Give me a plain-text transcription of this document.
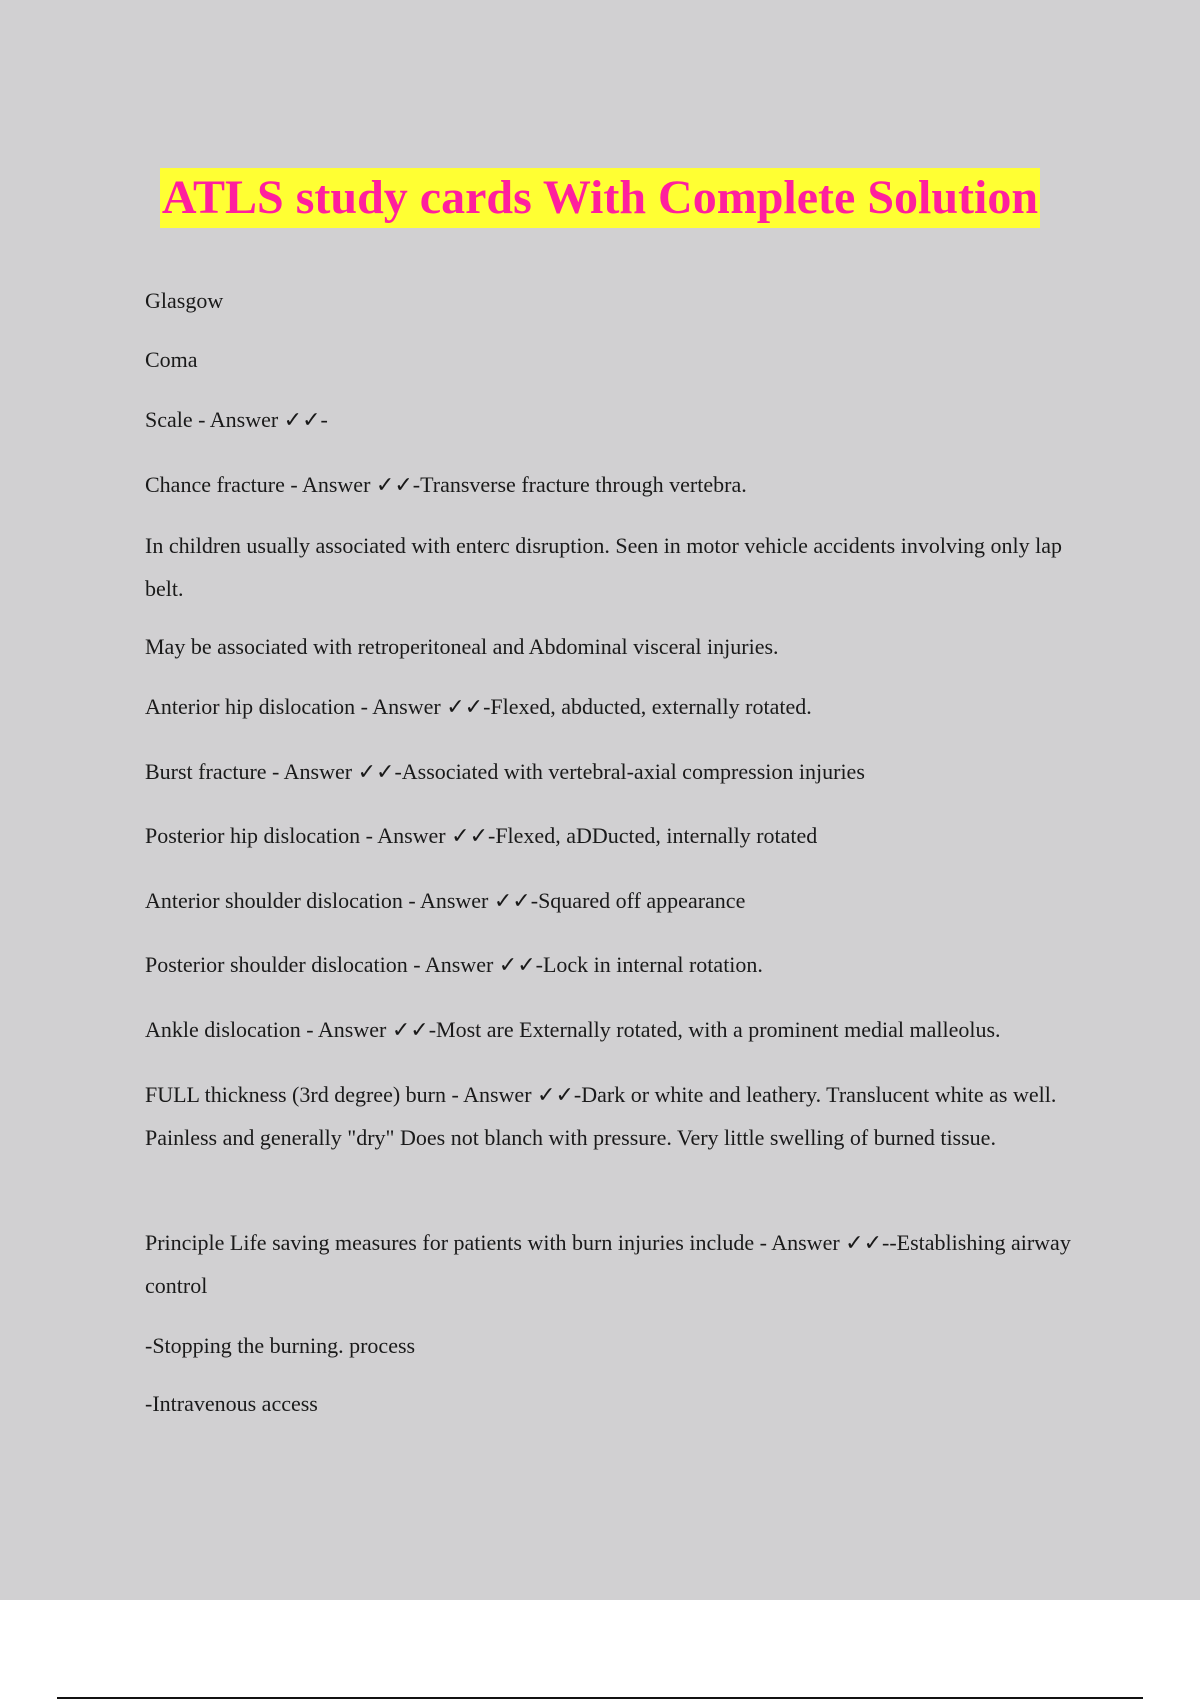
ATLS study cards With Complete Solution

Glasgow

Coma

Scale - Answer ✓✓-

Chance fracture - Answer ✓✓-Transverse fracture through vertebra.

In children usually associated with enterc disruption. Seen in motor vehicle accidents involving only lap belt.

May be associated with retroperitoneal and Abdominal visceral injuries.

Anterior hip dislocation - Answer ✓✓-Flexed, abducted, externally rotated.

Burst fracture - Answer ✓✓-Associated with vertebral-axial compression injuries

Posterior hip dislocation - Answer ✓✓-Flexed, aDDucted, internally rotated

Anterior shoulder dislocation - Answer ✓✓-Squared off appearance

Posterior shoulder dislocation - Answer ✓✓-Lock in internal rotation.

Ankle dislocation - Answer ✓✓-Most are Externally rotated, with a prominent medial malleolus.

FULL thickness (3rd degree) burn - Answer ✓✓-Dark or white and leathery. Translucent white as well. Painless and generally "dry" Does not blanch with pressure. Very little swelling of burned tissue.

Principle Life saving measures for patients with burn injuries include - Answer ✓✓--Establishing airway control

-Stopping the burning. process

-Intravenous access
